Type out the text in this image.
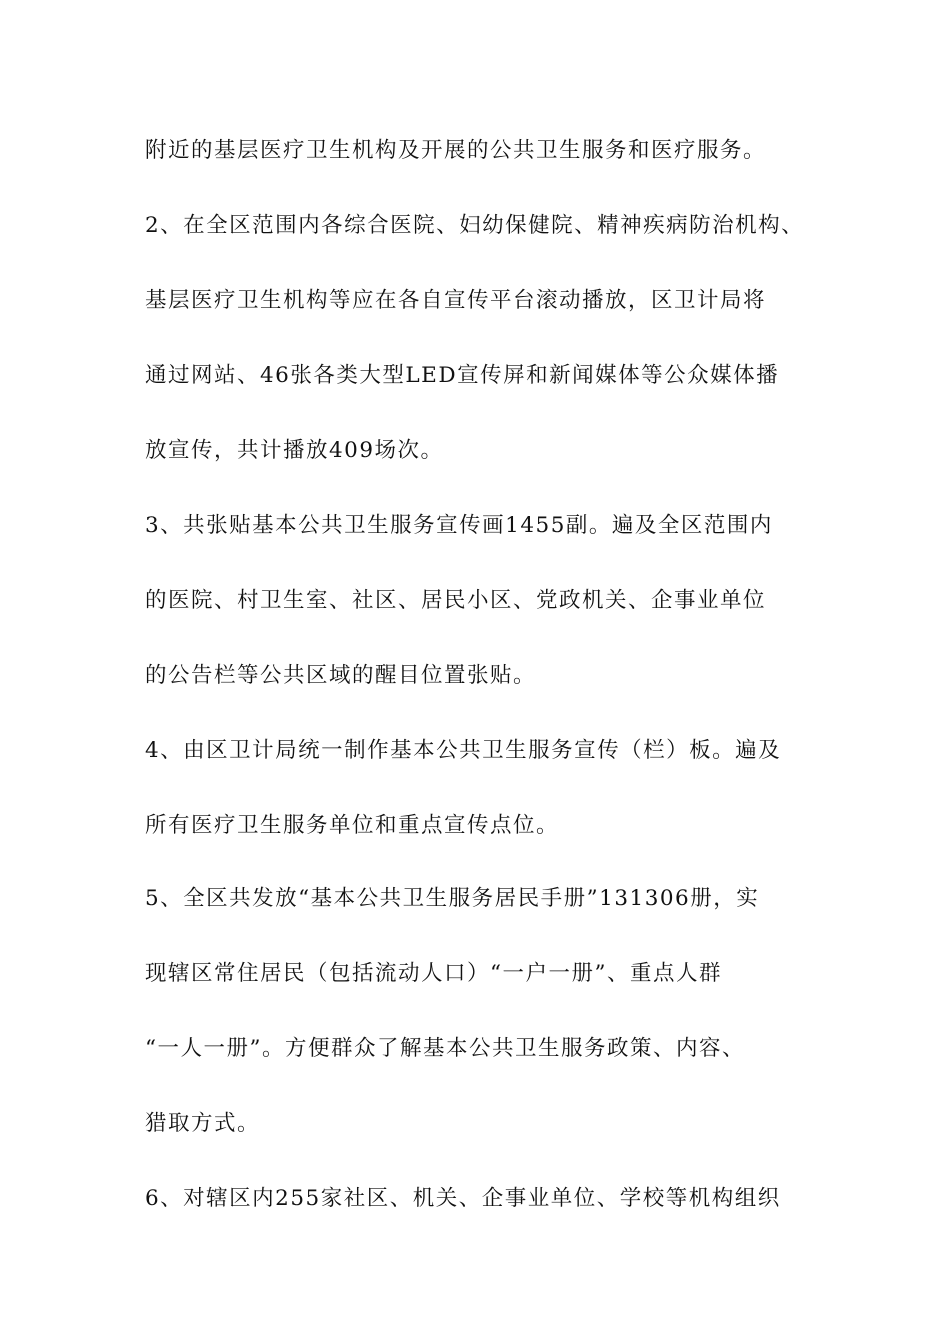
附近的基层医疗卫生机构及开展的公共卫生服务和医疗服务。
2、在全区范围内各综合医院、妇幼保健院、精神疾病防治机构、
基层医疗卫生机构等应在各自宣传平台滚动播放，区卫计局将
通过网站、46张各类大型LED宣传屏和新闻媒体等公众媒体播
放宣传，共计播放409场次。
3、共张贴基本公共卫生服务宣传画1455副。遍及全区范围内
的医院、村卫生室、社区、居民小区、党政机关、企事业单位
的公告栏等公共区域的醒目位置张贴。
4、由区卫计局统一制作基本公共卫生服务宣传（栏）板。遍及
所有医疗卫生服务单位和重点宣传点位。
5、全区共发放“基本公共卫生服务居民手册”131306册，实
现辖区常住居民（包括流动人口）“一户一册”、重点人群
“一人一册”。方便群众了解基本公共卫生服务政策、内容、
猎取方式。
6、对辖区内255家社区、机关、企事业单位、学校等机构组织
